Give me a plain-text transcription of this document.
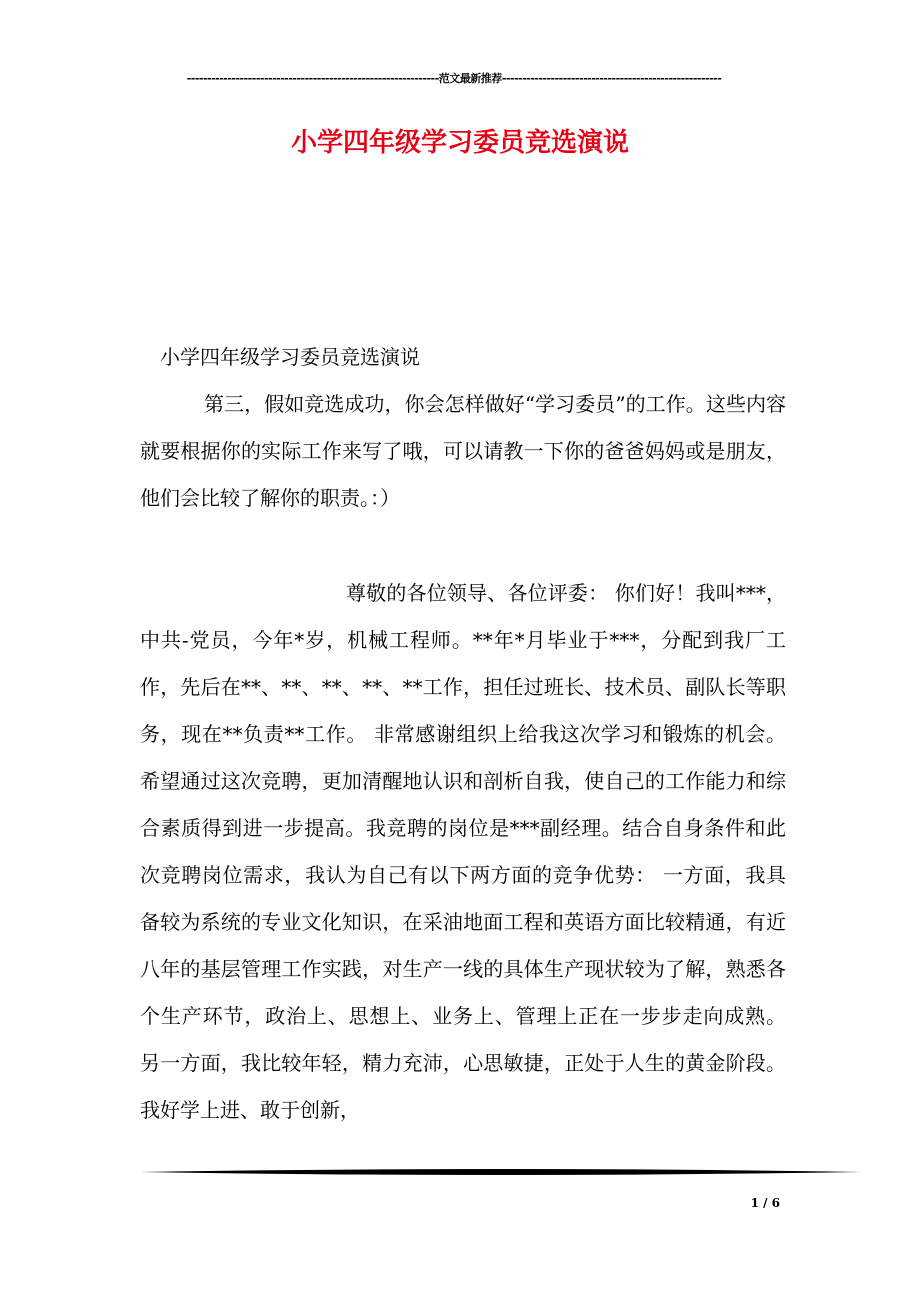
--------------------------------------------------------------范文最新推荐------------------------------------------------------
小学四年级学习委员竞选演说

小学四年级学习委员竞选演说

第三，假如竞选成功，你会怎样做好“学习委员”的工作。这些内容就要根据你的实际工作来写了哦，可以请教一下你的爸爸妈妈或是朋友，他们会比较了解你的职责。：）

尊敬的各位领导、各位评委： 你们好！我叫***，中共-党员，今年*岁，机械工程师。**年*月毕业于***，分配到我厂工作，先后在**、**、**、**、**工作，担任过班长、技术员、副队长等职务，现在**负责**工作。 非常感谢组织上给我这次学习和锻炼的机会。希望通过这次竞聘，更加清醒地认识和剖析自我，使自己的工作能力和综合素质得到进一步提高。我竞聘的岗位是***副经理。结合自身条件和此次竞聘岗位需求，我认为自己有以下两方面的竞争优势： 一方面，我具备较为系统的专业文化知识，在采油地面工程和英语方面比较精通，有近八年的基层管理工作实践，对生产一线的具体生产现状较为了解，熟悉各个生产环节，政治上、思想上、业务上、管理上正在一步步走向成熟。 另一方面，我比较年轻，精力充沛，心思敏捷，正处于人生的黄金阶段。我好学上进、敢于创新，

1 / 6
